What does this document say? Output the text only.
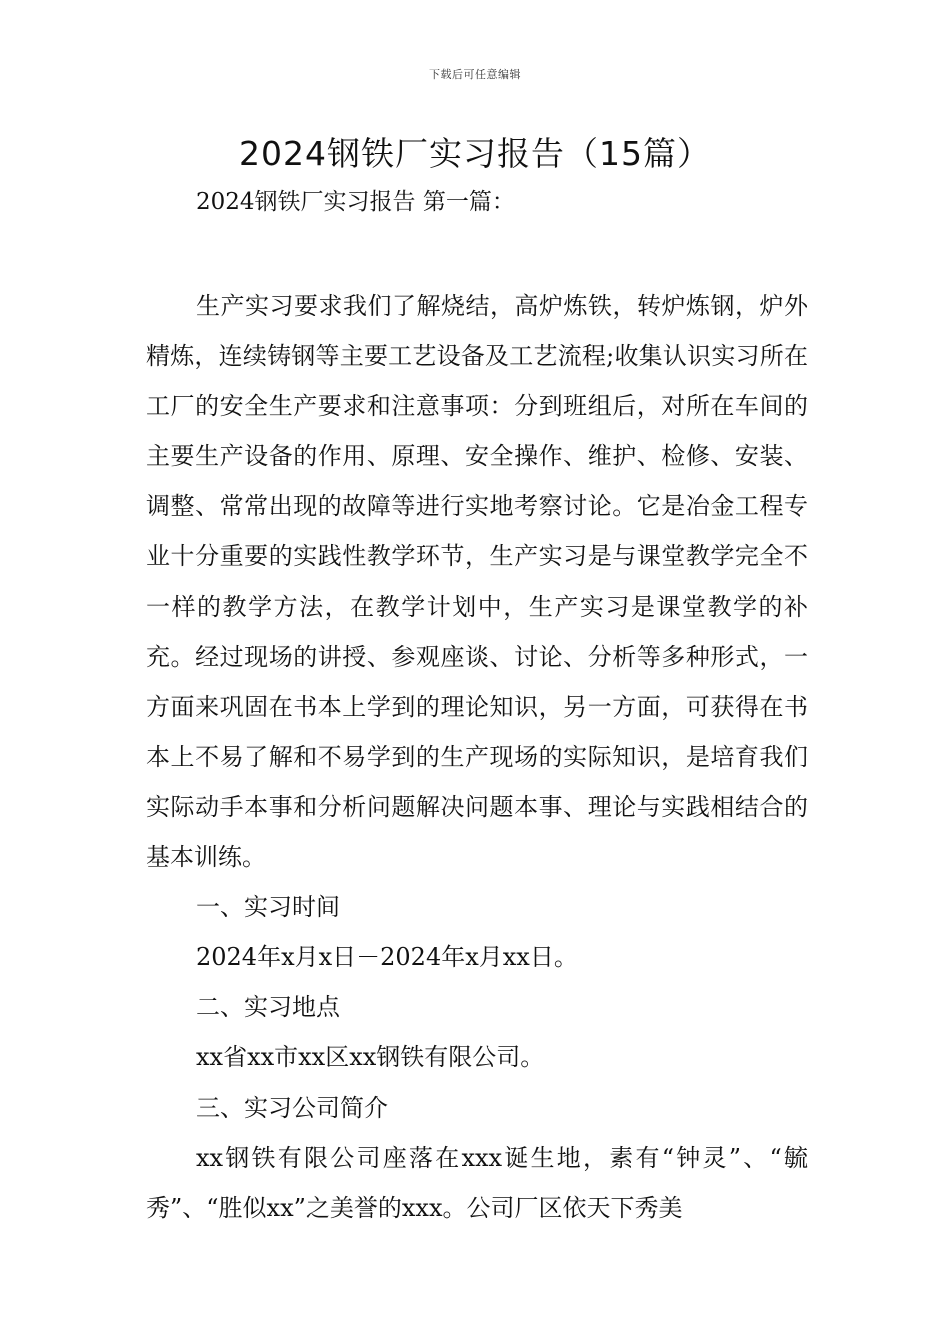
下载后可任意编辑
2024钢铁厂实习报告（15篇）

2024钢铁厂实习报告 第一篇：

生产实习要求我们了解烧结，高炉炼铁，转炉炼钢，炉外精炼，连续铸钢等主要工艺设备及工艺流程;收集认识实习所在工厂的安全生产要求和注意事项：分到班组后，对所在车间的主要生产设备的作用、原理、安全操作、维护、检修、安装、调整、常常出现的故障等进行实地考察讨论。它是冶金工程专业十分重要的实践性教学环节，生产实习是与课堂教学完全不一样的教学方法，在教学计划中，生产实习是课堂教学的补充。经过现场的讲授、参观座谈、讨论、分析等多种形式，一方面来巩固在书本上学到的理论知识，另一方面，可获得在书本上不易了解和不易学到的生产现场的实际知识，是培育我们实际动手本事和分析问题解决问题本事、理论与实践相结合的基本训练。

一、实习时间

2024年x月x日－2024年x月xx日。

二、实习地点

xx省xx市xx区xx钢铁有限公司。

三、实习公司简介

xx钢铁有限公司座落在xxx诞生地，素有“钟灵”、“毓秀”、“胜似xx”之美誉的xxx。公司厂区依天下秀美
